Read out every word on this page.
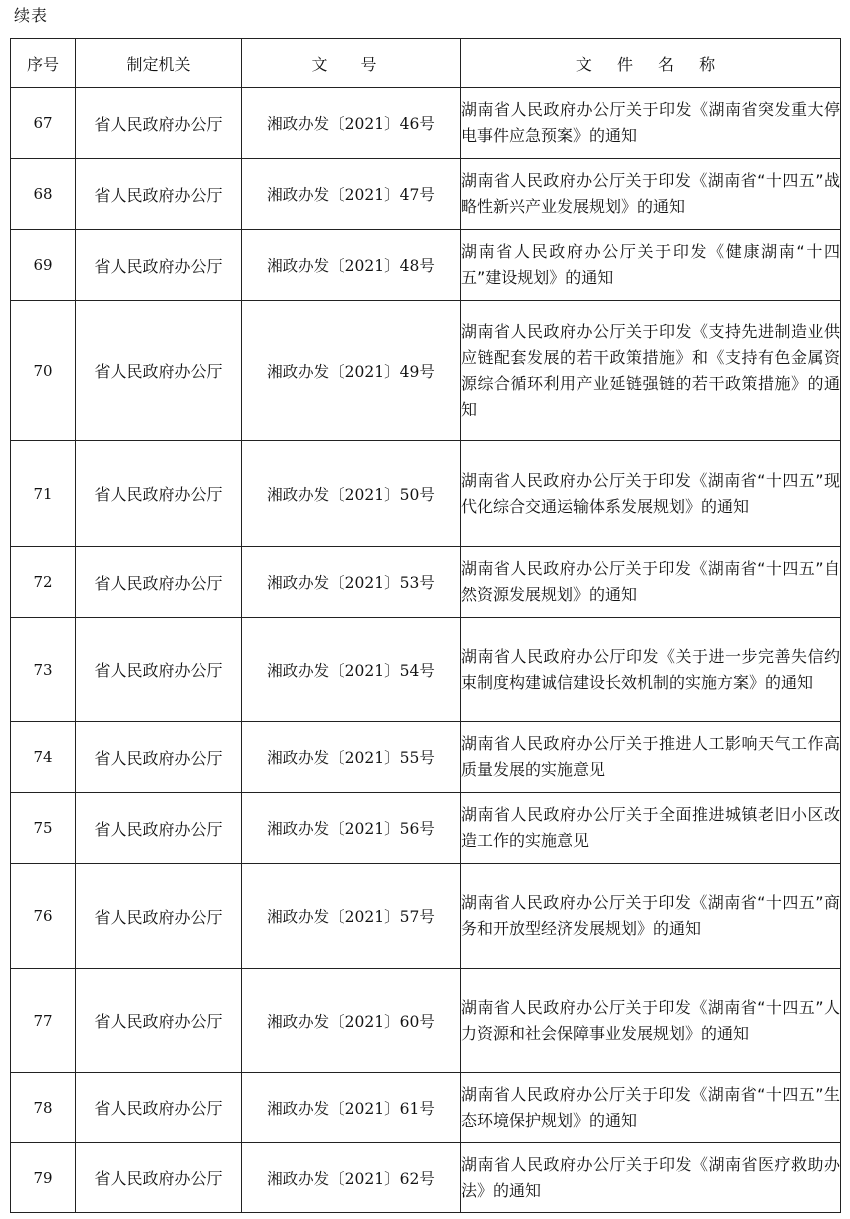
续表
序号	制定机关	文 号	文 件 名 称
67	省人民政府办公厅	湘政办发〔2021〕46号	湖南省人民政府办公厅关于印发《湖南省突发重大停电事件应急预案》的通知
68	省人民政府办公厅	湘政办发〔2021〕47号	湖南省人民政府办公厅关于印发《湖南省“十四五”战略性新兴产业发展规划》的通知
69	省人民政府办公厅	湘政办发〔2021〕48号	湖南省人民政府办公厅关于印发《健康湖南“十四五”建设规划》的通知
70	省人民政府办公厅	湘政办发〔2021〕49号	湖南省人民政府办公厅关于印发《支持先进制造业供应链配套发展的若干政策措施》和《支持有色金属资源综合循环利用产业延链强链的若干政策措施》的通知
71	省人民政府办公厅	湘政办发〔2021〕50号	湖南省人民政府办公厅关于印发《湖南省“十四五”现代化综合交通运输体系发展规划》的通知
72	省人民政府办公厅	湘政办发〔2021〕53号	湖南省人民政府办公厅关于印发《湖南省“十四五”自然资源发展规划》的通知
73	省人民政府办公厅	湘政办发〔2021〕54号	湖南省人民政府办公厅印发《关于进一步完善失信约束制度构建诚信建设长效机制的实施方案》的通知
74	省人民政府办公厅	湘政办发〔2021〕55号	湖南省人民政府办公厅关于推进人工影响天气工作高质量发展的实施意见
75	省人民政府办公厅	湘政办发〔2021〕56号	湖南省人民政府办公厅关于全面推进城镇老旧小区改造工作的实施意见
76	省人民政府办公厅	湘政办发〔2021〕57号	湖南省人民政府办公厅关于印发《湖南省“十四五”商务和开放型经济发展规划》的通知
77	省人民政府办公厅	湘政办发〔2021〕60号	湖南省人民政府办公厅关于印发《湖南省“十四五”人力资源和社会保障事业发展规划》的通知
78	省人民政府办公厅	湘政办发〔2021〕61号	湖南省人民政府办公厅关于印发《湖南省“十四五”生态环境保护规划》的通知
79	省人民政府办公厅	湘政办发〔2021〕62号	湖南省人民政府办公厅关于印发《湖南省医疗救助办法》的通知
